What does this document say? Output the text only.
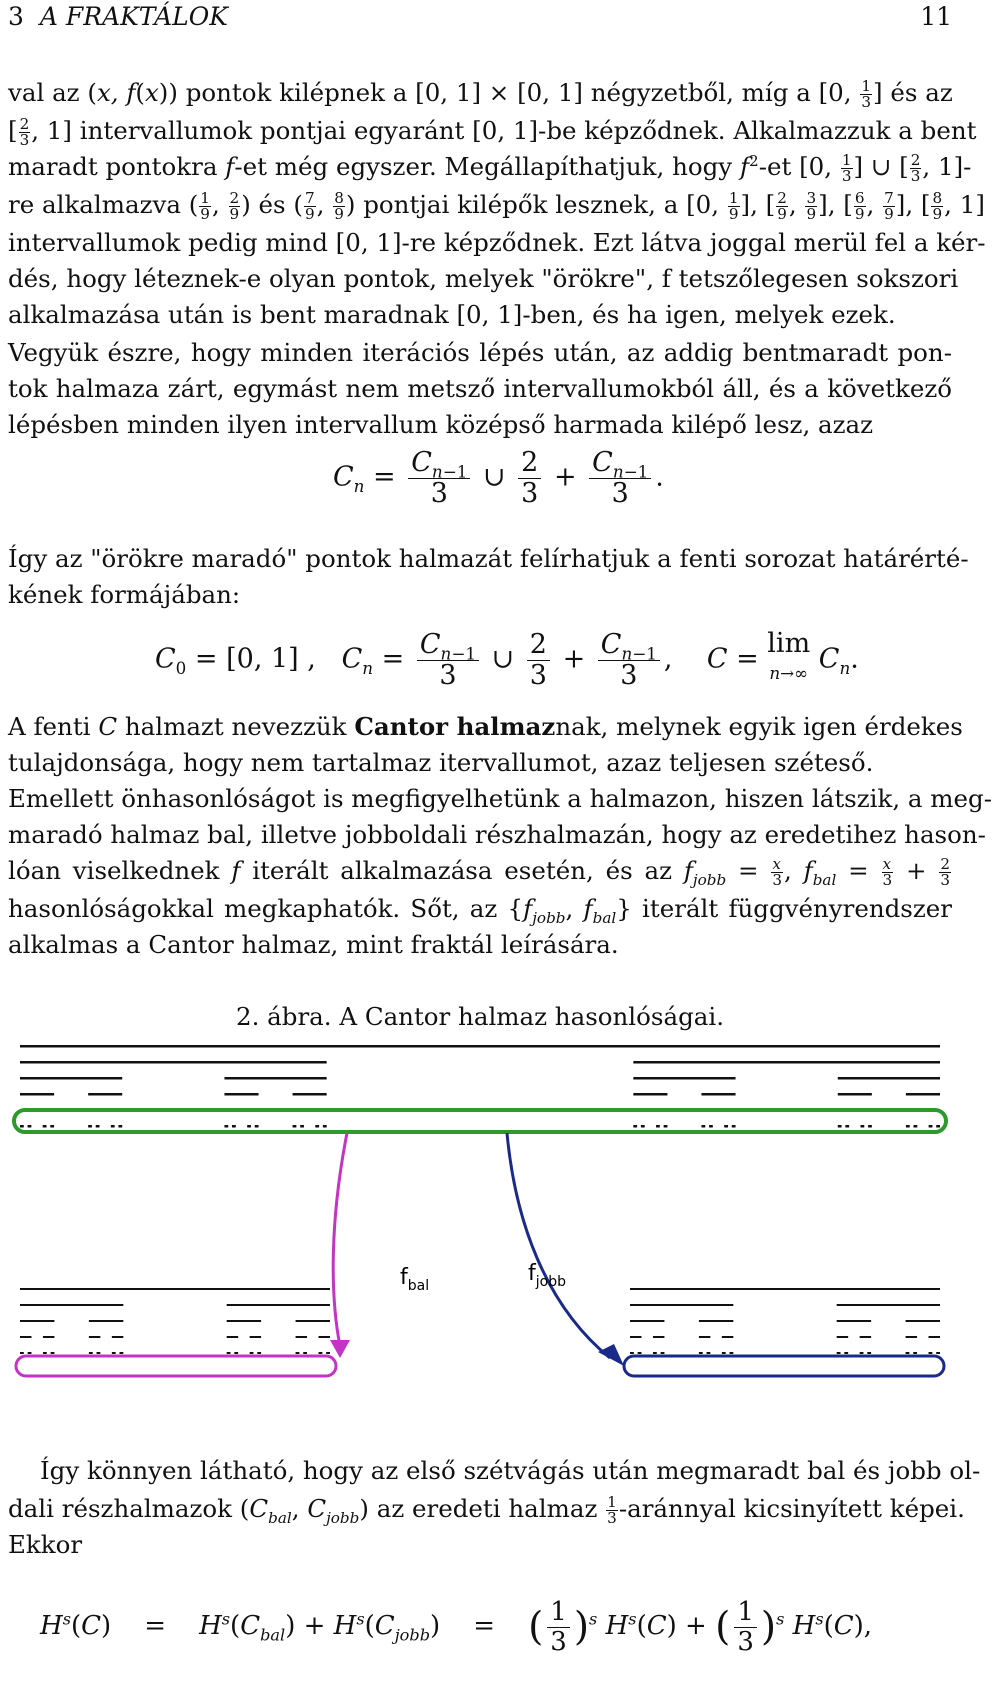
3 A FRAKTÁLOK	11
val az (x, f(x)) pontok kilépnek a [0, 1] × [0, 1] négyzetből, míg a [0, $\frac{1}{3}$ ] és az
[ $\frac{2}{3}$ , 1] intervallumok pontjai egyaránt [0, 1]-be képződnek. Alkalmazzuk a bent
maradt pontokra f-et még egyszer. Megállapíthatjuk, hogy $f^2-et$ [0, $\frac{1}{3}$ ] ∪ [ $\frac{2}{3}$ , 1]-
re alkalmazva ( $\frac{1}{9}$ , $\frac{2}{9}$ ) és ( $\frac{7}{9}$ , $\frac{8}{9}$ ) pontjai kilépők lesznek, a [0, $\frac{1}{9}$ ], [ $\frac{2}{9}$ , $\frac{3}{9}$ ], [ $\frac{6}{9}$ , $\frac{7}{9}$ ], [ $\frac{8}{9}$ , 1]
intervallumok pedig mind [0, 1]-re képződnek. Ezt látva joggal merül fel a kér-
dés, hogy léteznek-e olyan pontok, melyek "örökre", f tetszőlegesen sokszori
alkalmazása után is bent maradnak [0, 1]-ben, és ha igen, melyek ezek.
Vegyük észre, hogy minden iterációs lépés után, az addig bentmaradt pon-
tok halmaza zárt, egymást nem metsző intervallumokból áll, és a következő
lépésben minden ilyen intervallum középső harmada kilépő lesz, azaz
$C_n = \frac{C_{n-1}}{3}$ ∪ $\frac{2}{3} + \frac{C_{n-1}}{3}$ .
Így az "örökre maradó" pontok halmazát felírhatjuk a fenti sorozat határérté-
kének formájában:
$C_0 = [0$, 1] ,   $C_n = \frac{C_{n-1}}{3}$ ∪ $\frac{2}{3} + \frac{C_{n-1}}{3}$ ,    C = lim
n→∞ $C_n$.
A fenti C halmazt nevezzük Cantor halmaznak, melynek egyik igen érdekes
tulajdonsága, hogy nem tartalmaz itervallumot, azaz teljesen széteső.
Emellett önhasonlóságot is megfigyelhetünk a halmazon, hiszen látszik, a meg-
maradó halmaz bal, illetve jobboldali részhalmazán, hogy az eredetihez hason-
lóan viselkednek f iterált alkalmazása esetén, és az $f_{jobb} = \frac{x}{3}$ , $f_{bal} = \frac{x}{3} + \frac{2}{3}$
hasonlóságokkal megkaphatók. Sőt, az {$f_{jobb}$, $f_{bal}$} iterált függvényrendszer
alkalmas a Cantor halmaz, mint fraktál leírására.
2. ábra. A Cantor halmaz hasonlóságai.
$f_{bal}$	$f_{jobb}$
Így könnyen látható, hogy az első szétvágás után megmaradt bal és jobb ol-
dali részhalmazok ($C_{bal}$, $C_{jobb}$) az eredeti halmaz $\frac{1}{3}$ -aránnyal kicsinyített képei.
Ekkor
$H^s(C)$    =    $H^s(C_{bal}) + H^s(C_{jobb})$    =    ( $\frac{1}{3} )^s$ $H^s(C)$ + ( $\frac{1}{3} )^s$ $H^s(C)$,
